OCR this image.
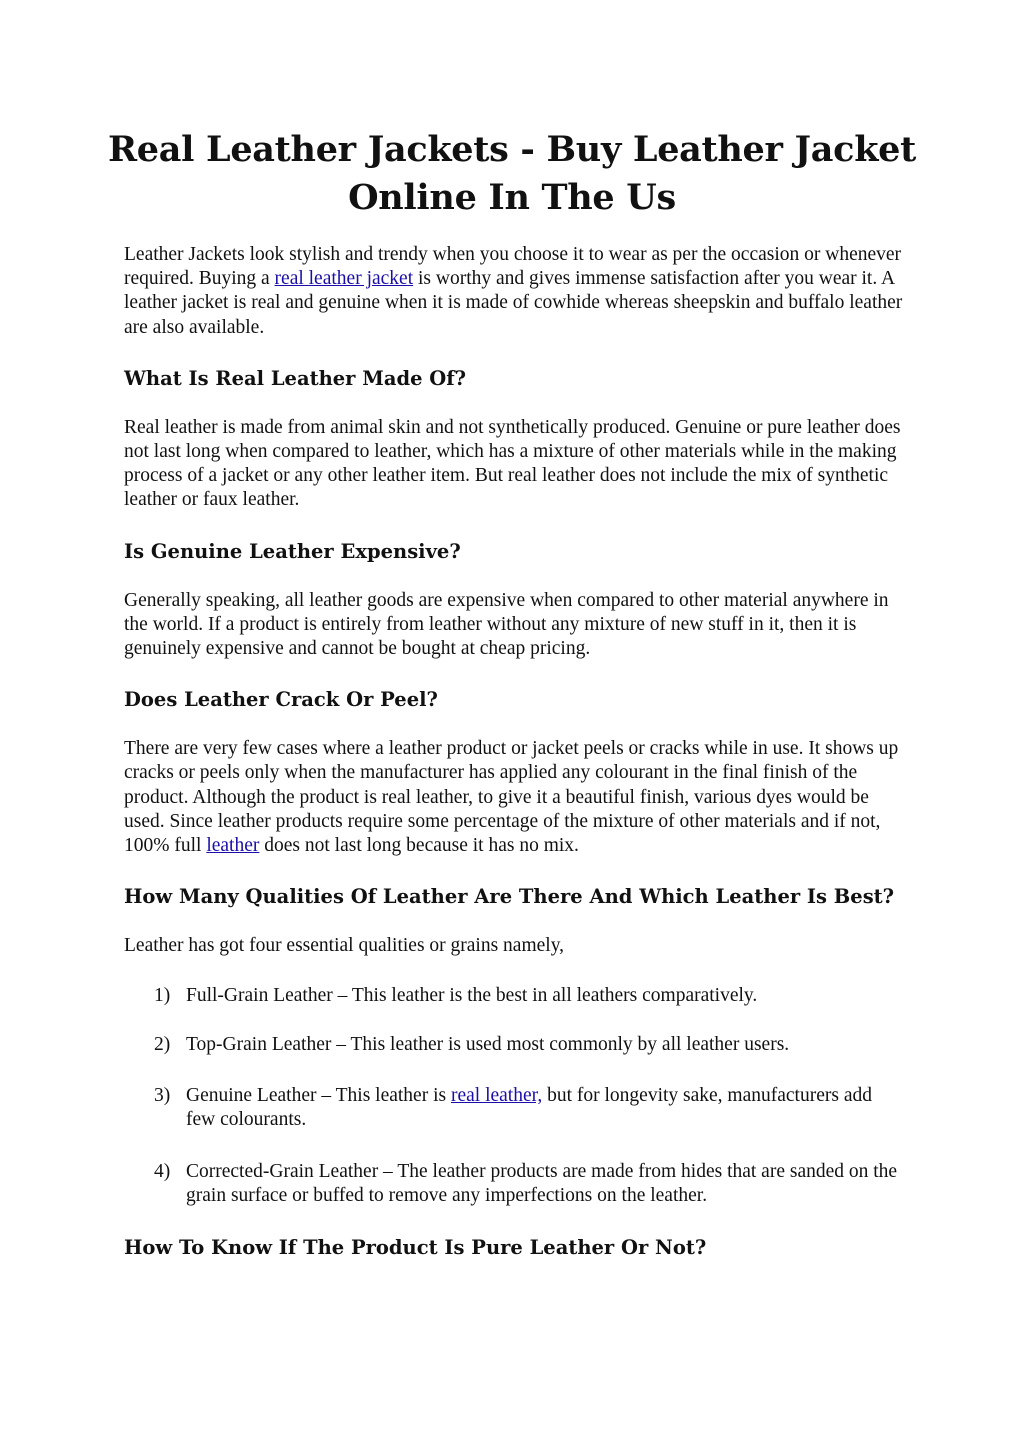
Real Leather Jackets - Buy Leather Jacket
Online In The Us

Leather Jackets look stylish and trendy when you choose it to wear as per the occasion or whenever required. Buying a real leather jacket is worthy and gives immense satisfaction after you wear it. A leather jacket is real and genuine when it is made of cowhide whereas sheepskin and buffalo leather are also available.

What Is Real Leather Made Of?

Real leather is made from animal skin and not synthetically produced. Genuine or pure leather does not last long when compared to leather, which has a mixture of other materials while in the making process of a jacket or any other leather item. But real leather does not include the mix of synthetic leather or faux leather.

Is Genuine Leather Expensive?

Generally speaking, all leather goods are expensive when compared to other material anywhere in the world. If a product is entirely from leather without any mixture of new stuff in it, then it is genuinely expensive and cannot be bought at cheap pricing.

Does Leather Crack Or Peel?

There are very few cases where a leather product or jacket peels or cracks while in use. It shows up cracks or peels only when the manufacturer has applied any colourant in the final finish of the product. Although the product is real leather, to give it a beautiful finish, various dyes would be used. Since leather products require some percentage of the mixture of other materials and if not, 100% full leather does not last long because it has no mix.

How Many Qualities Of Leather Are There And Which Leather Is Best?

Leather has got four essential qualities or grains namely,

1) Full-Grain Leather – This leather is the best in all leathers comparatively.
2) Top-Grain Leather – This leather is used most commonly by all leather users.
3) Genuine Leather – This leather is real leather, but for longevity sake, manufacturers add few colourants.
4) Corrected-Grain Leather – The leather products are made from hides that are sanded on the grain surface or buffed to remove any imperfections on the leather.
How To Know If The Product Is Pure Leather Or Not?
